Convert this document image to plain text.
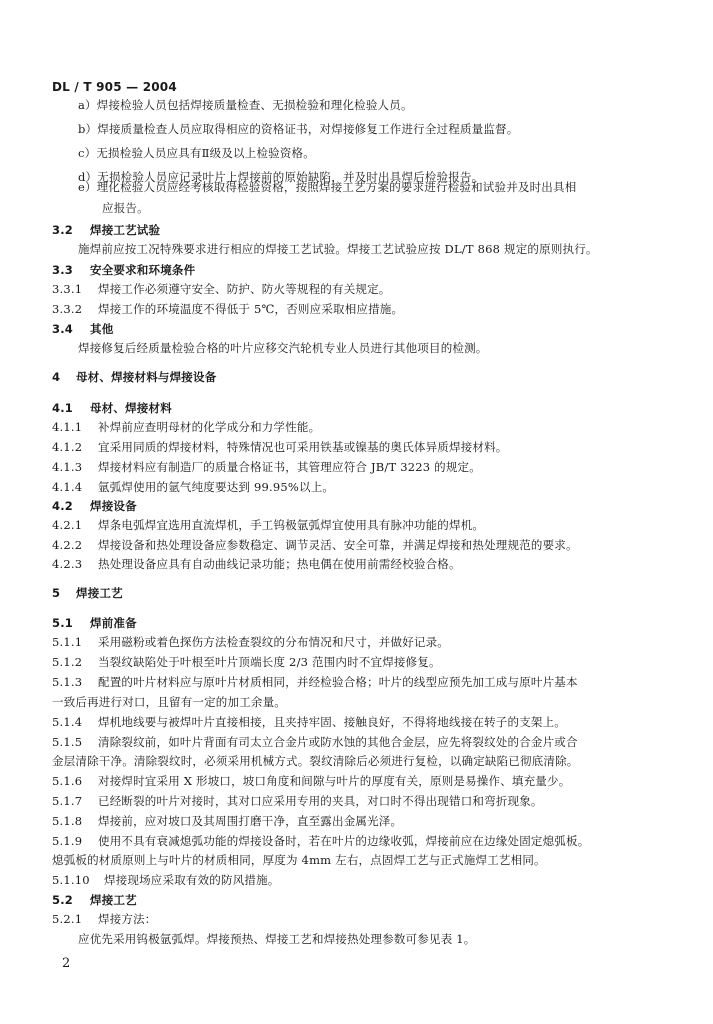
DL / T 905 — 2004
a）焊接检验人员包括焊接质量检查、无损检验和理化检验人员。
b）焊接质量检查人员应取得相应的资格证书，对焊接修复工作进行全过程质量监督。
c）无损检验人员应具有Ⅱ级及以上检验资格。
d）无损检验人员应记录叶片上焊接前的原始缺陷，并及时出具焊后检验报告。
e）理化检验人员应经考核取得检验资格，按照焊接工艺方案的要求进行检验和试验并及时出具相
应报告。
3.2 焊接工艺试验
施焊前应按工况特殊要求进行相应的焊接工艺试验。焊接工艺试验应按 DL/T 868 规定的原则执行。
3.3 安全要求和环境条件
3.3.1 焊接工作必须遵守安全、防护、防火等规程的有关规定。
3.3.2 焊接工作的环境温度不得低于 5℃，否则应采取相应措施。
3.4 其他
焊接修复后经质量检验合格的叶片应移交汽轮机专业人员进行其他项目的检测。
4 母材、焊接材料与焊接设备
4.1 母材、焊接材料
4.1.1 补焊前应查明母材的化学成分和力学性能。
4.1.2 宜采用同质的焊接材料，特殊情况也可采用铁基或镍基的奥氏体异质焊接材料。
4.1.3 焊接材料应有制造厂的质量合格证书，其管理应符合 JB/T 3223 的规定。
4.1.4 氩弧焊使用的氩气纯度要达到 99.95%以上。
4.2 焊接设备
4.2.1 焊条电弧焊宜选用直流焊机，手工钨极氩弧焊宜使用具有脉冲功能的焊机。
4.2.2 焊接设备和热处理设备应参数稳定、调节灵活、安全可靠，并满足焊接和热处理规范的要求。
4.2.3 热处理设备应具有自动曲线记录功能；热电偶在使用前需经校验合格。
5 焊接工艺
5.1 焊前准备
5.1.1 采用磁粉或着色探伤方法检查裂纹的分布情况和尺寸，并做好记录。
5.1.2 当裂纹缺陷处于叶根至叶片顶端长度 2/3 范围内时不宜焊接修复。
5.1.3 配置的叶片材料应与原叶片材质相同，并经检验合格；叶片的线型应预先加工成与原叶片基本
一致后再进行对口，且留有一定的加工余量。
5.1.4 焊机地线要与被焊叶片直接相接，且夹持牢固、接触良好，不得将地线接在转子的支架上。
5.1.5 清除裂纹前，如叶片背面有司太立合金片或防水蚀的其他合金层，应先将裂纹处的合金片或合
金层清除干净。清除裂纹时，必须采用机械方式。裂纹清除后必须进行复检，以确定缺陷已彻底清除。
5.1.6 对接焊时宜采用 X 形坡口，坡口角度和间隙与叶片的厚度有关，原则是易操作、填充量少。
5.1.7 已经断裂的叶片对接时，其对口应采用专用的夹具，对口时不得出现错口和弯折现象。
5.1.8 焊接前，应对坡口及其周围打磨干净，直至露出金属光泽。
5.1.9 使用不具有衰减熄弧功能的焊接设备时，若在叶片的边缘收弧，焊接前应在边缘处固定熄弧板。
熄弧板的材质原则上与叶片的材质相同，厚度为 4mm 左右，点固焊工艺与正式施焊工艺相同。
5.1.10 焊接现场应采取有效的防风措施。
5.2 焊接工艺
5.2.1 焊接方法：
应优先采用钨极氩弧焊。焊接预热、焊接工艺和焊接热处理参数可参见表 1。
2
